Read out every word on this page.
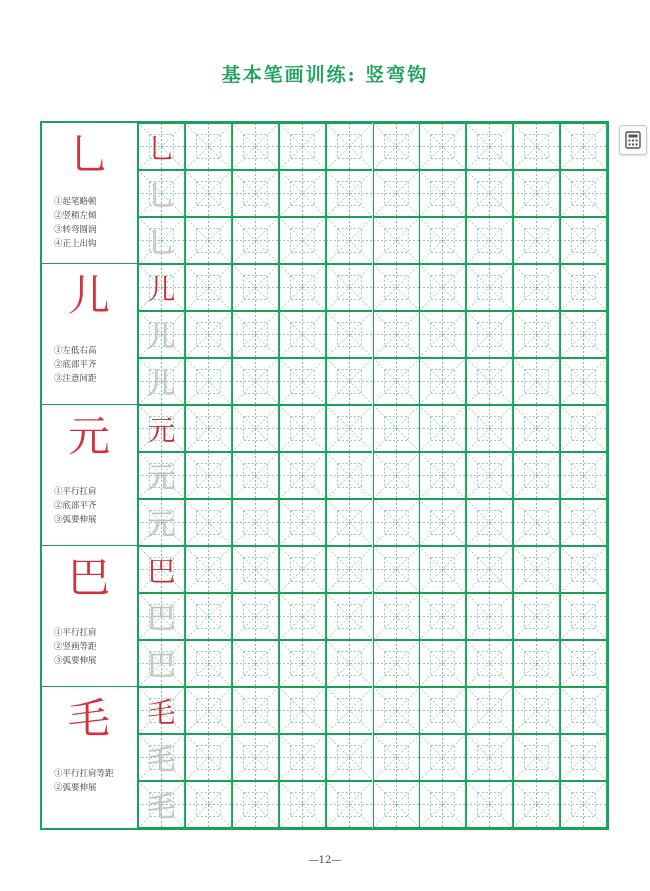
基本笔画训练: 竖弯钩
乚
乚
乚
儿
儿
儿
元
元
元
巴
巴
巴
毛
毛
毛
乚
①起笔略顿
②竖稍左倾
③转弯圆润
④正上出钩
儿
①左低右高
②底部平齐
③注意间距
元
①平行扛肩
②底部平齐
③弧要伸展
巴
①平行扛肩
②竖画等距
③弧要伸展
毛
①平行扛肩等距
②弧要伸展
—12—
